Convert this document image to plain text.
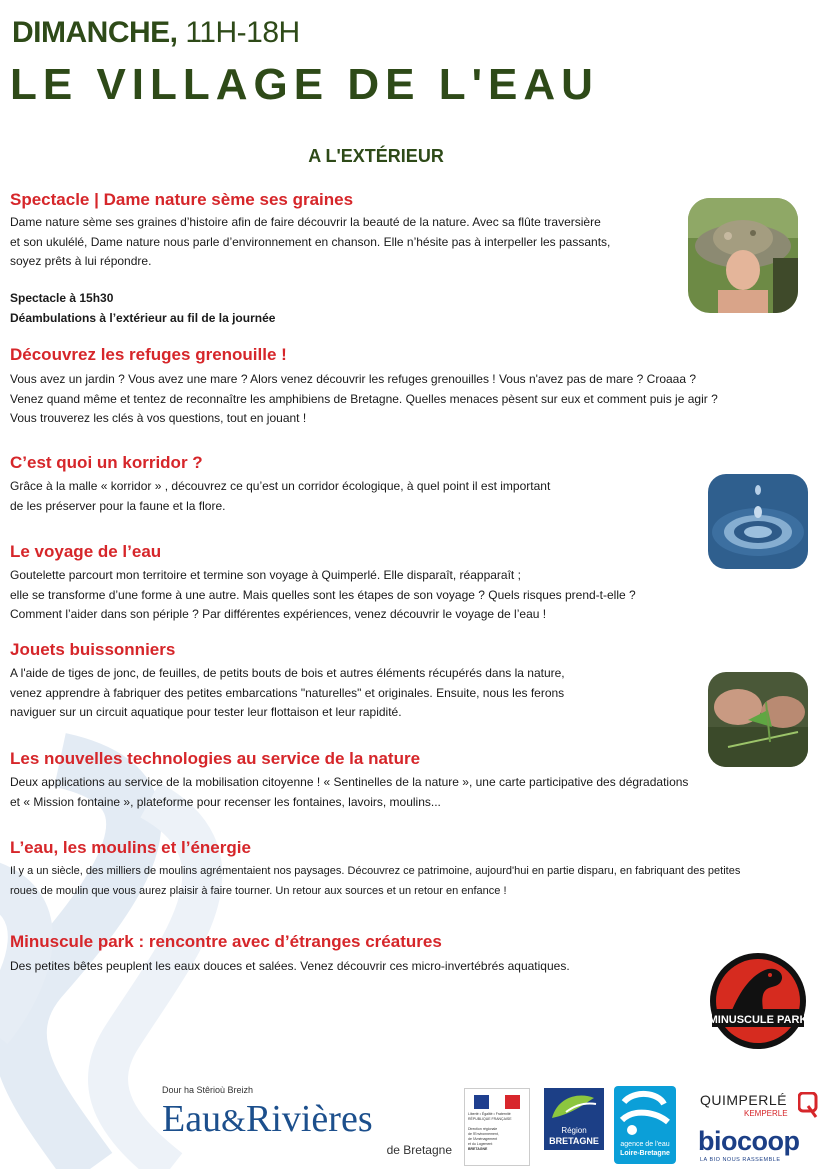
DIMANCHE, 11H-18H
LE VILLAGE DE L'EAU
A L'EXTÉRIEUR
Spectacle | Dame nature sème ses graines

Dame nature sème ses graines d’histoire afin de faire découvrir la beauté de la nature. Avec sa flûte traversière
et son ukulélé, Dame nature nous parle d’environnement en chanson. Elle n’hésite pas à interpeller les passants,
soyez prêts à lui répondre.

Spectacle à 15h30
Déambulations à l’extérieur au fil de la journée

Découvrez les refuges grenouille !

Vous avez un jardin ? Vous avez une mare ? Alors venez découvrir les refuges grenouilles ! Vous n'avez pas de mare ? Croaaa ?
Venez quand même et tentez de reconnaître les amphibiens de Bretagne. Quelles menaces pèsent sur eux et comment puis je agir ?
Vous trouverez les clés à vos questions, tout en jouant !

C’est quoi un korridor ?

Grâce à la malle « korridor » , découvrez ce qu’est un corridor écologique, à quel point il est important
de les préserver pour la faune et la flore.

Le voyage de l’eau

Goutelette parcourt mon territoire et termine son voyage à Quimperlé. Elle disparaît, réapparaît ;
elle se transforme d’une forme à une autre. Mais quelles sont les étapes de son voyage ? Quels risques prend-t-elle ?
Comment l’aider dans son périple ? Par différentes expériences, venez découvrir le voyage de l’eau !

Jouets buissonniers

A l'aide de tiges de jonc, de feuilles, de petits bouts de bois et autres éléments récupérés dans la nature,
venez apprendre à fabriquer des petites embarcations "naturelles" et originales. Ensuite, nous les ferons
naviguer sur un circuit aquatique pour tester leur flottaison et leur rapidité.

Les nouvelles technologies au service de la nature

Deux applications au service de la mobilisation citoyenne ! « Sentinelles de la nature », une carte participative des dégradations
et « Mission fontaine », plateforme pour recenser les fontaines, lavoirs, moulins...

L’eau, les moulins et l’énergie

Il y a un siècle, des milliers de moulins agrémentaient nos paysages. Découvrez ce patrimoine, aujourd'hui en partie disparu, en fabriquant des petites
roues de moulin que vous aurez plaisir à faire tourner. Un retour aux sources et un retour en enfance !

Minuscule park : rencontre avec d’étranges créatures

Des petites bêtes peuplent les eaux douces et salées. Venez découvrir ces micro-invertébrés aquatiques.

MINUSCULE PARK
Dour ha Stêrioù Breizh
Eau&Rivières
de Bretagne
Liberté • Égalité • Fraternité
RÉPUBLIQUE FRANÇAISE
Direction régionale
de l'Environnement,
de l'Aménagement
et du Logement
BRETAGNE
Région
BRETAGNE	agence de l'eau
Loire-Bretagne
QUIMPERLÉ
KEMPERLE
biocoop
LA BIO NOUS RASSEMBLE
